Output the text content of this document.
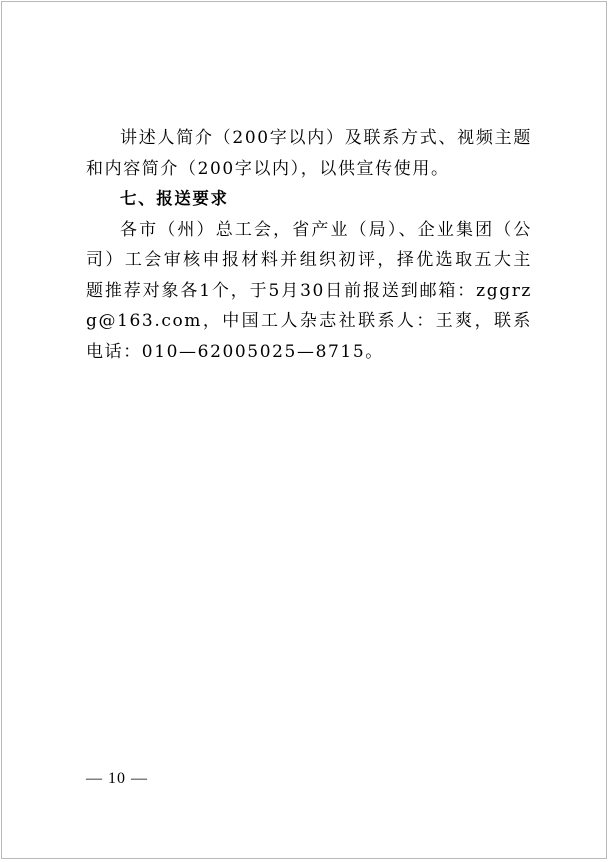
讲述人简介（200字以内）及联系方式、视频主题和内容简介（200字以内），以供宣传使用。

七、报送要求

各市（州）总工会，省产业（局）、企业集团（公司）工会审核申报材料并组织初评，择优选取五大主题推荐对象各1个，于5月30日前报送到邮箱：zggrzg@163.com，中国工人杂志社联系人：王爽，联系电话：010—62005025—8715。

— 10 —
